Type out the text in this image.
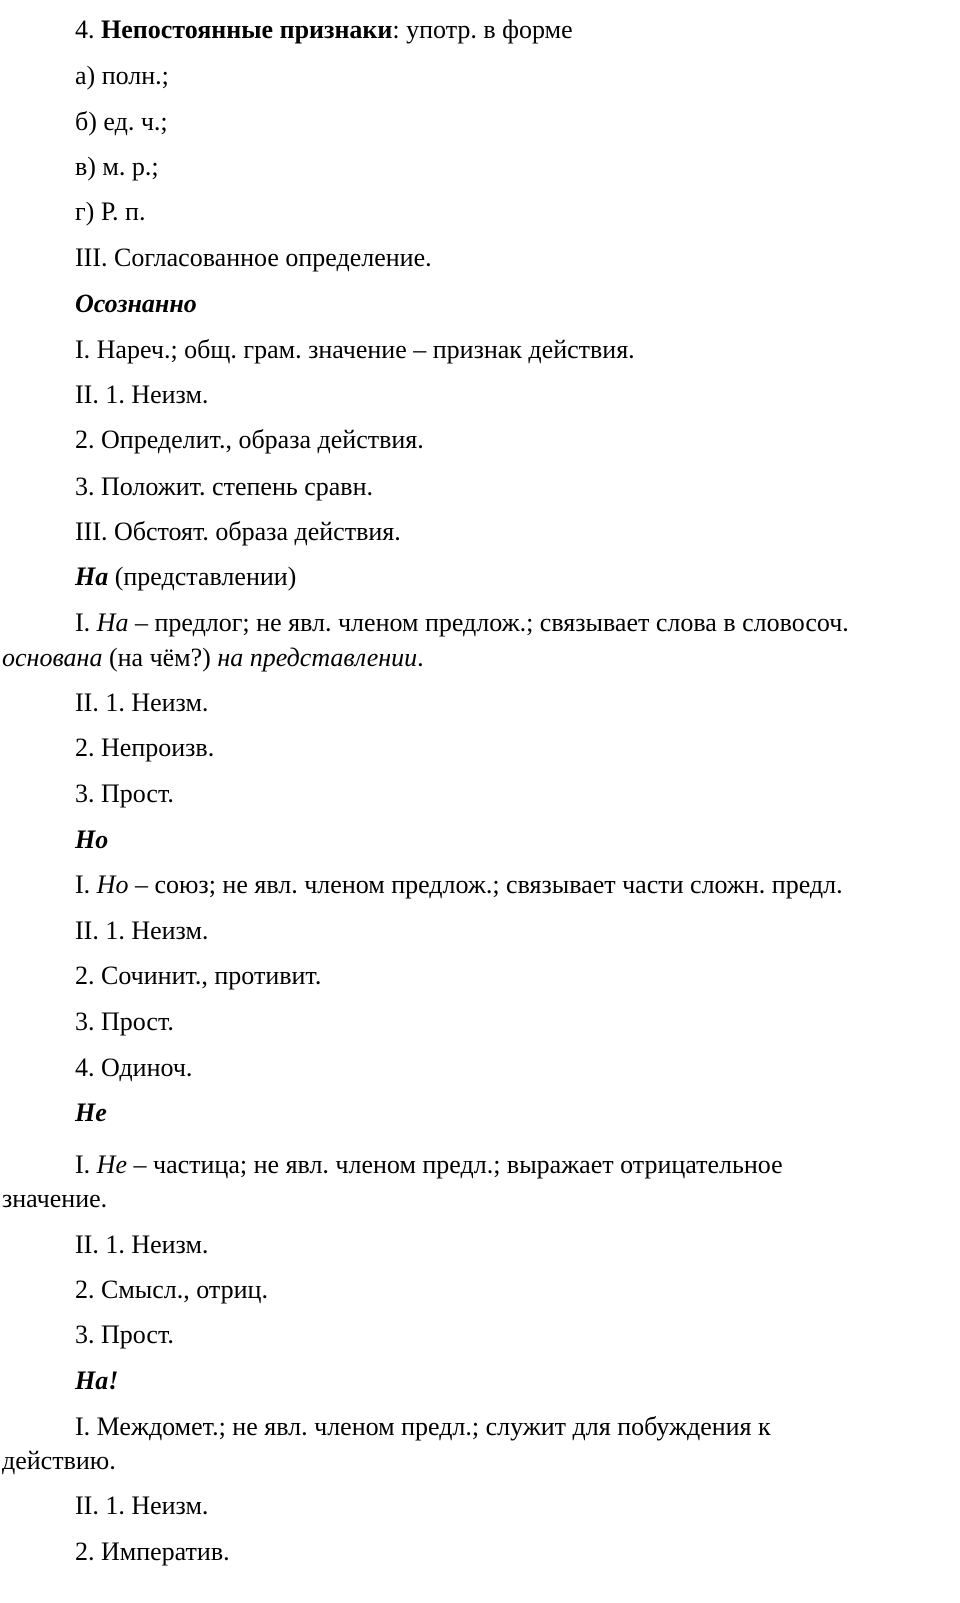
4. Непостоянные признаки: употр. в форме
а) полн.;
б) ед. ч.;
в) м. р.;
г) Р. п.
III. Согласованное определение.
Осознанно
I. Нареч.; общ. грам. значение – признак действия.
II. 1. Неизм.
2. Определит., образа действия.
3. Положит. степень сравн.
III. Обстоят. образа действия.
На (представлении)
I. На – предлог; не явл. членом предлож.; связывает слова в словосоч.
основана (на чём?) на представлении.
II. 1. Неизм.
2. Непроизв.
3. Прост.
Но
I. Но – союз; не явл. членом предлож.; связывает части сложн. предл.
II. 1. Неизм.
2. Сочинит., противит.
3. Прост.
4. Одиноч.
Не
I. Не – частица; не явл. членом предл.; выражает отрицательное
значение.
II. 1. Неизм.
2. Смысл., отриц.
3. Прост.
На!
I. Междомет.; не явл. членом предл.; служит для побуждения к
действию.
II. 1. Неизм.
2. Императив.
